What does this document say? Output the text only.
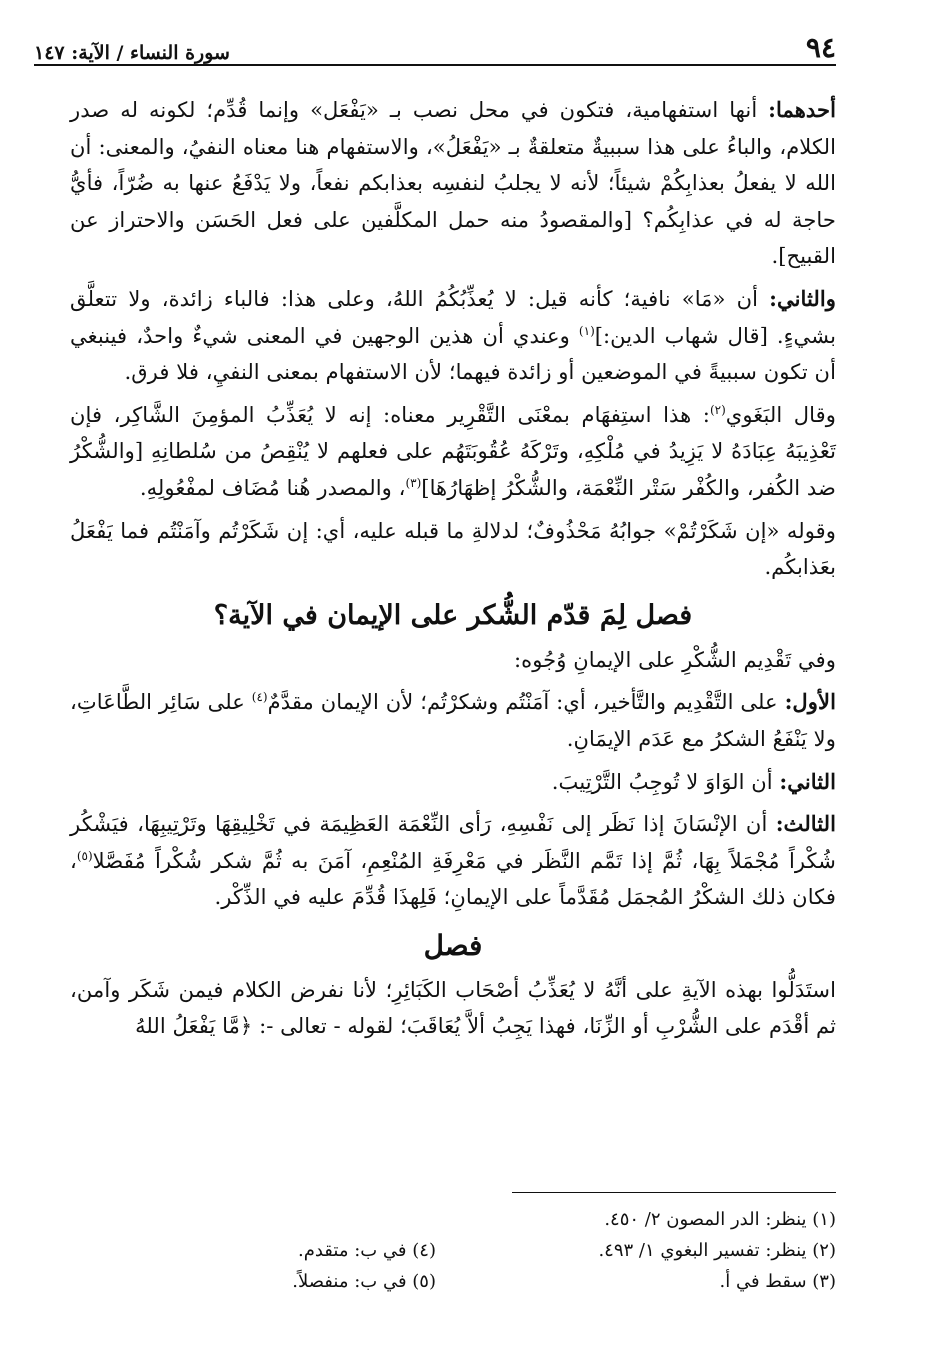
٩٤
سورة النساء / الآية: ١٤٧

أحدهما: أنها استفهامية، فتكون في محل نصب بـ «يَفْعَل» وإنما قُدِّم؛ لكونه له صدر الكلام، والباءُ على هذا سببيةٌ متعلقةٌ بـ «يَفْعَلُ»، والاستفهام هنا معناه النفيُ، والمعنى: أن الله لا يفعلُ بعذابِكُمْ شيئاً؛ لأنه لا يجلبُ لنفسِه بعذابكم نفعاً، ولا يَدْفَعُ عنها به ضُرّاً، فأيُّ حاجة له في عذابِكُم؟ [والمقصودُ منه حمل المكلَّفين على فعل الحَسَن والاحتراز عن القبيح].

والثاني: أن «مَا» نافية؛ كأنه قيل: لا يُعذِّبُكُمُ اللهُ، وعلى هذا: فالباء زائدة، ولا تتعلَّق بشيءٍ. [قال شهاب الدين:]$^{(١)}$ وعندي أن هذين الوجهين في المعنى شيءٌ واحدٌ، فينبغي أن تكون سببيةً في الموضعين أو زائدة فيهما؛ لأن الاستفهام بمعنى النفيِ، فلا فرق.

وقال البَغَوي$^{(٢)}$: هذا استِفهَام بمعْنَى التَّقْرِير معناه: إنه لا يُعَذِّبُ المؤمِنَ الشَّاكِر، فإن تَعْذِيبَهُ عِبَادَهُ لا يَزِيدُ في مُلْكِهِ، وتَرْكَهُ عُقُوبَتَهُم على فعلهم لا يُنْقِصُ من سُلطانِهِ [والشُّكْرُ ضد الكُفر، والكُفْر سَتْر النِّعْمَة، والشُّكْرُ إظهَارُهَا]$^{(٣)}$، والمصدر هُنا مُضَاف لمفْعُولِهِ.

وقوله «إن شَكَرْتُمْ» جوابُهُ مَحْذُوفٌ؛ لدلالةِ ما قبله عليه، أي: إن شَكَرْتُم وآمَنْتُم فما يَفْعَلُ بعَذابكُم.

فصل لِمَ قدّم الشُّكر على الإيمان في الآية؟

وفي تَقْدِيم الشُّكْرِ على الإيمانِ وُجُوه:

الأول: على التَّقْدِيم والتَّأخير، أي: آمَنْتُم وشكرْتُم؛ لأن الإيمان مقدَّمٌ$^{(٤)}$ على سَائِر الطَّاعَاتِ، ولا يَنْفَعُ الشكرُ مع عَدَم الإيمَانِ.

الثاني: أن الوَاوَ لا تُوجِبُ التَّرْتِيبَ.

الثالث: أن الإنْسَانَ إذا نَظَر إلى نَفْسِهِ، رَأى النِّعْمَة العَظِيمَة في تَخْلِيقِهَا وتَرْتِيبِهَا، فيَشْكُر شُكْراً مُجْمَلاً بِهَا، ثُمَّ إذا تَمَّم النَّظَر في مَعْرِفَةِ المُنْعِمِ، آمَنَ به ثُمَّ شكر شُكْراً مُفَصَّلا$^{(٥)}$، فكان ذلك الشكْرُ المُجمَل مُقَدَّماً على الإيمانِ؛ فَلِهذَا قُدِّمَ عليه في الذِّكْر.

فصل

استَدَلُّوا بهذه الآيةِ على أنَّهُ لا يُعَذِّبُ أصْحَاب الكَبَائِرِ؛ لأنا نفرض الكلام فيمن شَكَر وآمن، ثم أقْدَم على الشُّرْبِ أو الزِّنَا، فهذا يَجِبُ ألاَّ يُعَاقَبَ؛ لقوله - تعالى -: ﴿مَّا يَفْعَلُ اللهُ

(١) ينظر: الدر المصون ٢/ ٤٥٠.
(٢) ينظر: تفسير البغوي ١/ ٤٩٣.
(٣) سقط في أ.
(٤) في ب: متقدم.
(٥) في ب: منفصلاً.
